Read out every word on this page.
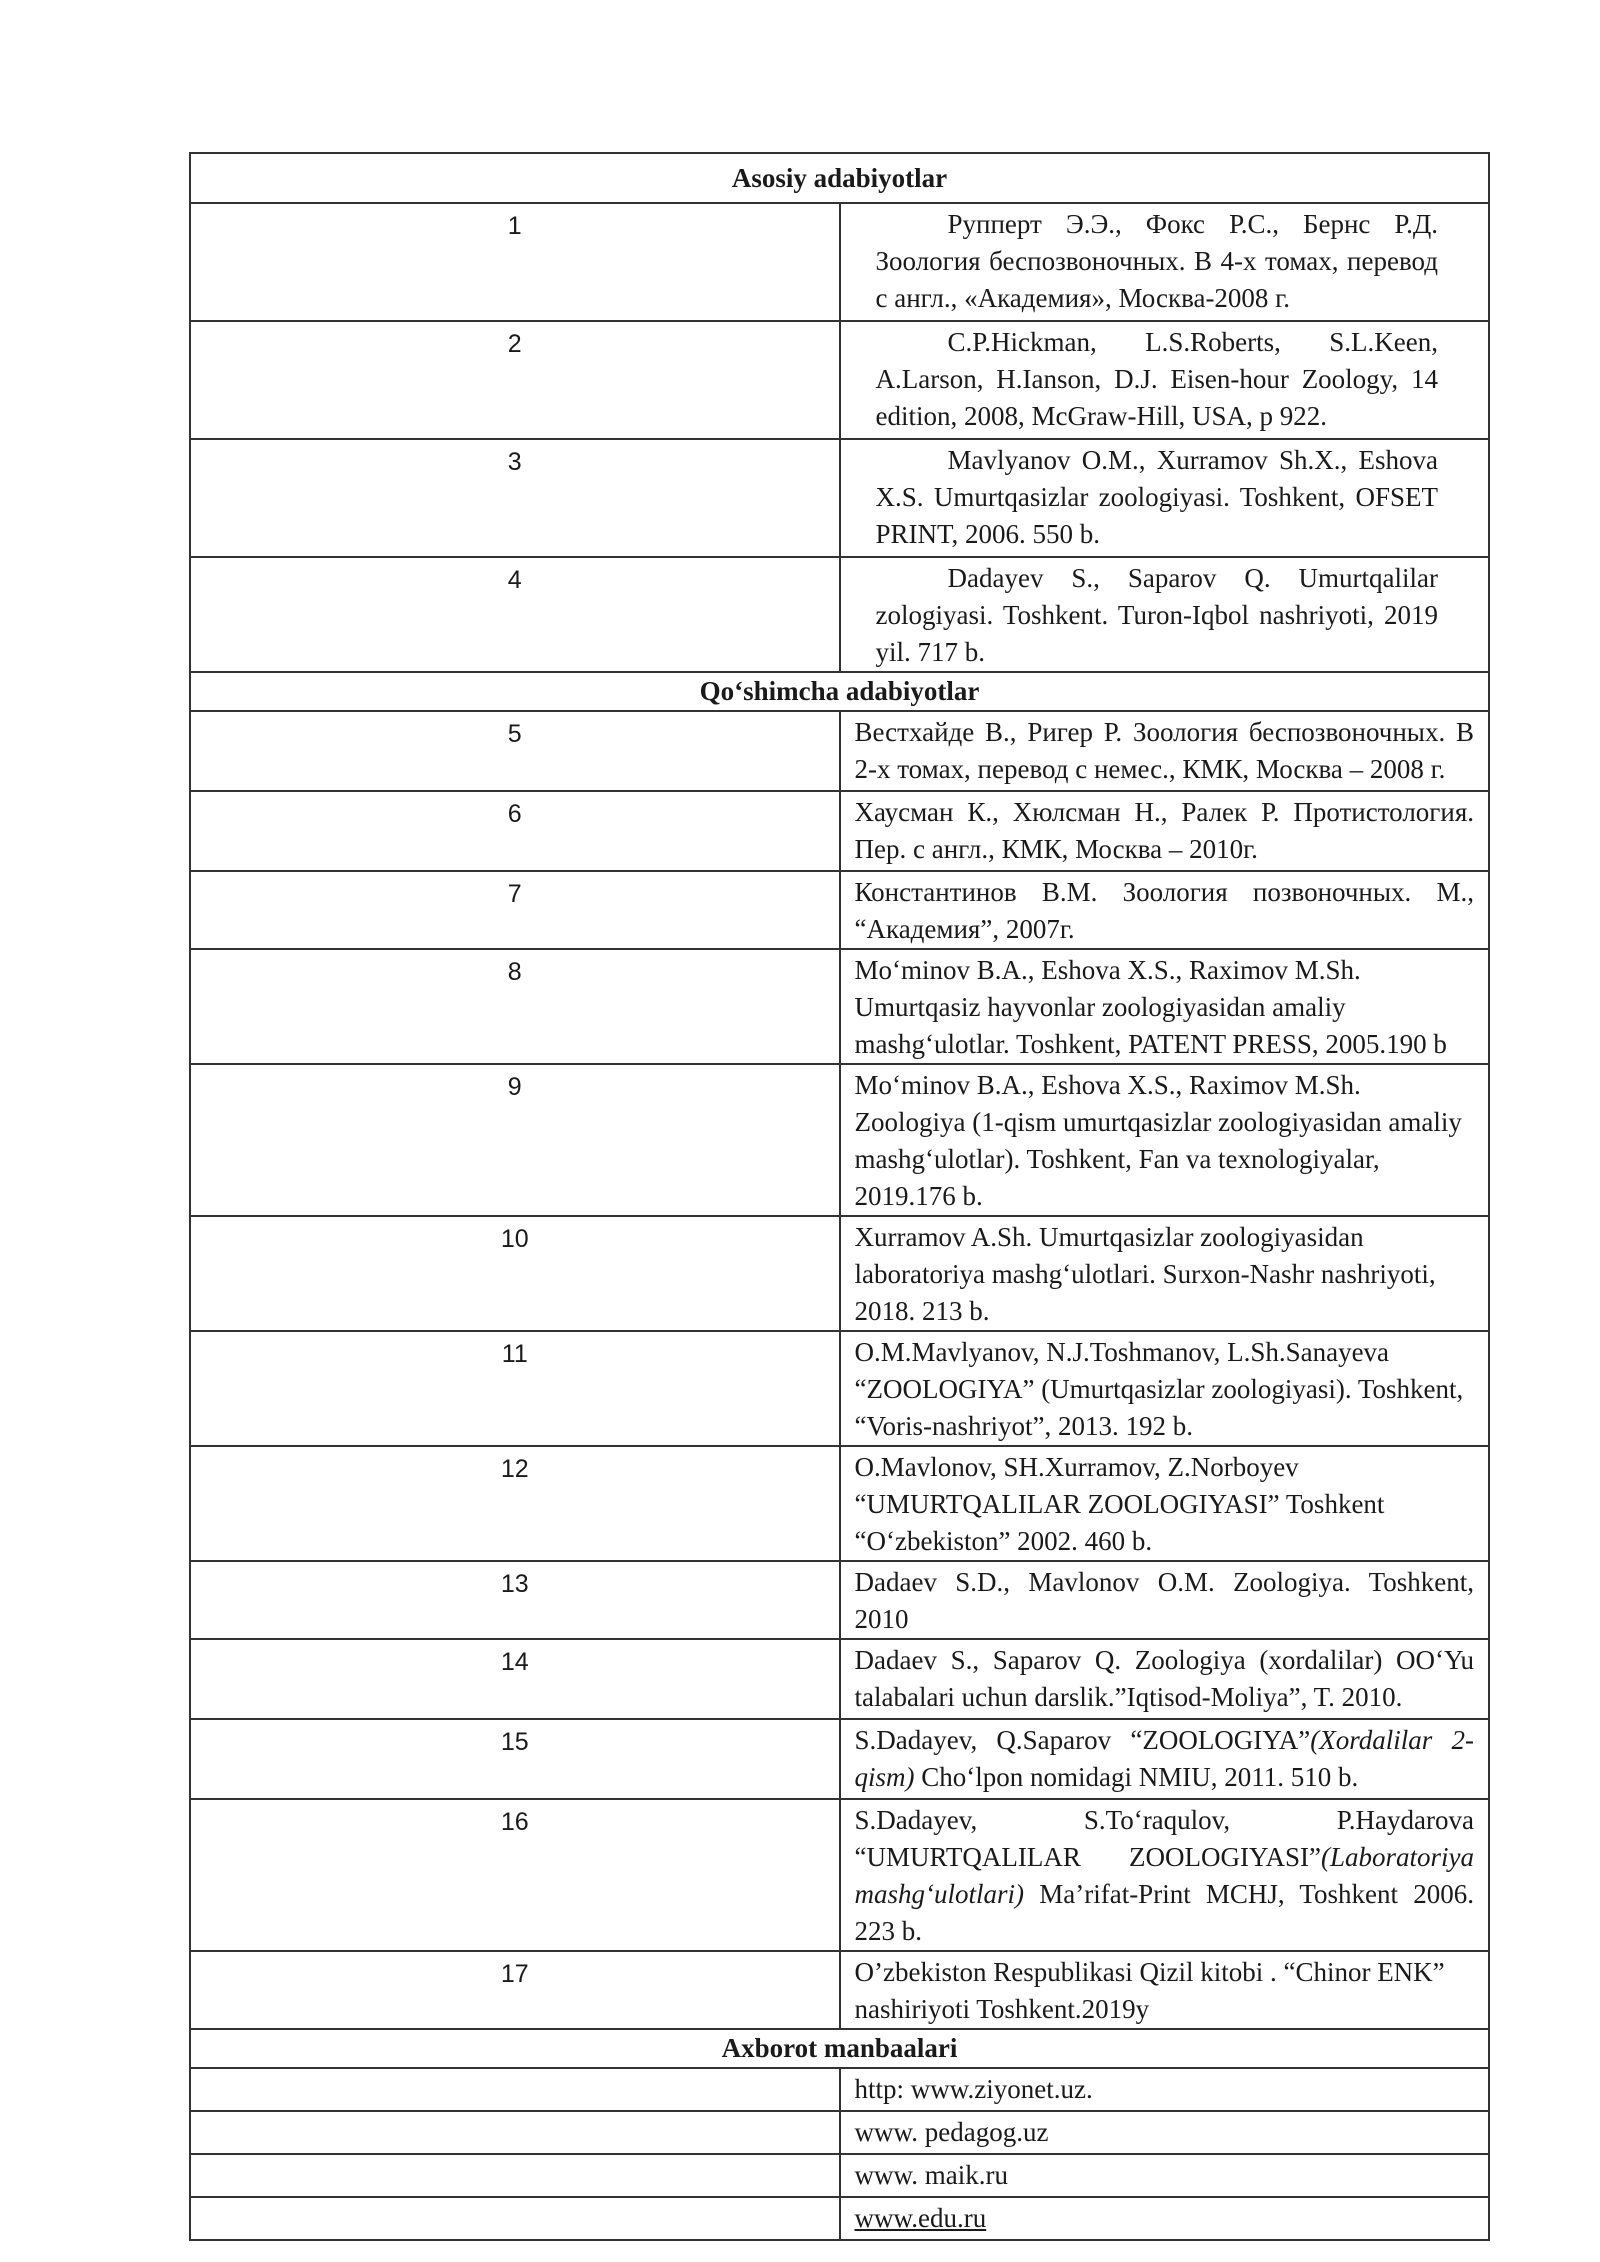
Asosiy adabiyotlar	
1	Рупперт Э.Э., Фокс Р.С., Бернс Р.Д. Зоология беспозвоночных. В 4-х томах, перевод с англ., «Академия», Москва-2008 г.
2	C.P.Hickman, L.S.Roberts, S.L.Keen, A.Larson, H.Ianson, D.J. Eisen-hour Zoology, 14 edition, 2008, McGraw-Hill, USA, p 922.
3	Mavlyanov O.M., Xurramov Sh.X., Eshova X.S. Umurtqasizlar zoologiyasi. Toshkent, OFSET PRINT, 2006. 550 b.
4	Dadayev S., Saparov Q. Umurtqalilar zologiyasi. Toshkent. Turon-Iqbol nashriyoti, 2019 yil. 717 b.
Qo‘shimcha adabiyotlar	
5	Вестхайде В., Ригер Р. Зоология беспозвоночных. В 2-х томах, перевод с немес., КМК, Москва – 2008 г.
6	Хаусман К., Хюлсман Н., Ралек Р. Протистология. Пер. с англ., КМК, Москва – 2010г.
7	Константинов В.М. Зоология позвоночных. М., “Академия”, 2007г.
8	Mo‘minov B.A., Eshova X.S., Raximov M.Sh. Umurtqasiz hayvonlar zoologiyasidan amaliy mashg‘ulotlar. Toshkent, PATENT PRESS, 2005.190 b
9	Mo‘minov B.A., Eshova X.S., Raximov M.Sh. Zoologiya (1-qism umurtqasizlar zoologiyasidan amaliy mashg‘ulotlar). Toshkent, Fan va texnologiyalar, 2019.176 b.
10	Xurramov A.Sh. Umurtqasizlar zoologiyasidan laboratoriya mashg‘ulotlari. Surxon-Nashr nashriyoti, 2018. 213 b.
11	O.M.Mavlyanov, N.J.Toshmanov, L.Sh.Sanayeva “ZOOLOGIYA” (Umurtqasizlar zoologiyasi). Toshkent, “Voris-nashriyot”, 2013. 192 b.
12	O.Mavlonov, SH.Xurramov, Z.Norboyev “UMURTQALILAR ZOOLOGIYASI” Toshkent “O‘zbekiston” 2002. 460 b.
13	Dadaev S.D., Mavlonov O.M. Zoologiya. Toshkent, 2010
14	Dadaev S., Saparov Q. Zoologiya (xordalilar) OO‘Yu talabalari uchun darslik.”Iqtisod-Moliya”, T. 2010.
15	S.Dadayev, Q.Saparov “ZOOLOGIYA”(Xordalilar 2-qism) Cho‘lpon nomidagi NMIU, 2011. 510 b.
16	S.Dadayev, S.To‘raqulov, P.Haydarova “UMURTQALILAR ZOOLOGIYASI”(Laboratoriya mashg‘ulotlari) Ma’rifat-Print MCHJ, Toshkent 2006. 223 b.
17	O’zbekiston Respublikasi Qizil kitobi . “Chinor ENK” nashiriyoti Toshkent.2019y
Axborot manbaalari	
	http: www.ziyonet.uz.
	www. pedagog.uz
	www. maik.ru
	www.edu.ru
